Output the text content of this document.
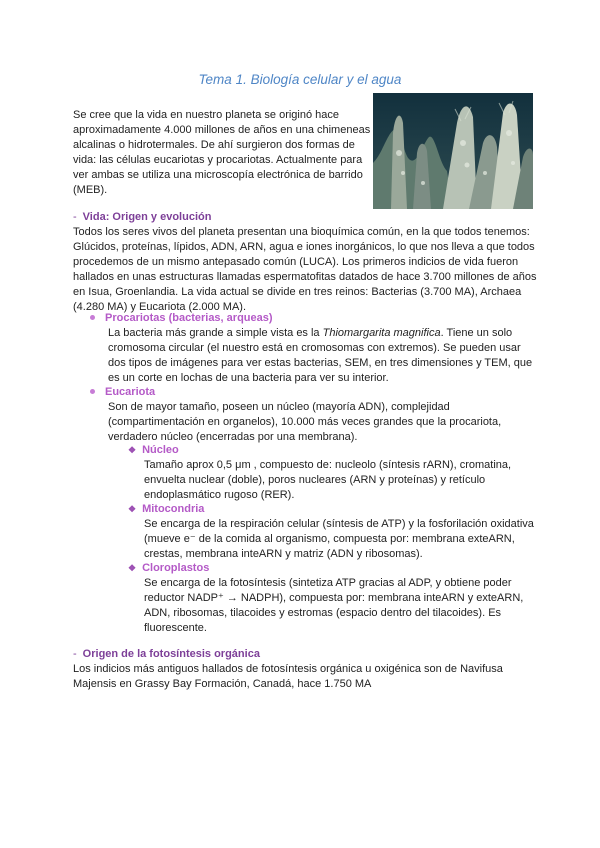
Tema 1. Biología celular y el agua

Se cree que la vida en nuestro planeta se originó hace aproximadamente 4.000 millones de años en una chimeneas alcalinas o hidrotermales. De ahí surgieron dos formas de vida: las células eucariotas y procariotas. Actualmente para ver ambas se utiliza una microscopía electrónica de barrido (MEB).

- Vida: Origen y evolución

Todos los seres vivos del planeta presentan una bioquímica común, en la que todos tenemos: Glúcidos, proteínas, lípidos, ADN, ARN, agua e iones inorgánicos, lo que nos lleva a que todos procedemos de un mismo antepasado común (LUCA). Los primeros indicios de vida fueron hallados en unas estructuras llamadas espermatofitas datados de hace 3.700 millones de años en Isua, Groenlandia. La vida actual se divide en tres reinos: Bacterias (3.700 MA), Archaea (4.280 MA) y Eucariota (2.000 MA).

Procariotas (bacterias, arqueas)

La bacteria más grande a simple vista es la Thiomargarita magnifica. Tiene un solo cromosoma circular (el nuestro está en cromosomas con extremos). Se pueden usar dos tipos de imágenes para ver estas bacterias, SEM, en tres dimensiones y TEM, que es un corte en lochas de una bacteria para ver su interior.

Eucariota

Son de mayor tamaño, poseen un núcleo (mayoría ADN), complejidad (compartimentación en organelos), 10.000 más veces grandes que la procariota, verdadero núcleo (encerradas por una membrana).

❖ Núcleo

Tamaño aprox 0,5 μm , compuesto de: nucleolo (síntesis rARN), cromatina, envuelta nuclear (doble), poros nucleares (ARN y proteínas) y retículo endoplasmático rugoso (RER).

❖ Mitocondria

Se encarga de la respiración celular (síntesis de ATP) y la fosforilación oxidativa (mueve e⁻ de la comida al organismo, compuesta por: membrana exteARN, crestas, membrana inteARN y matriz (ADN y ribosomas).

❖ Cloroplastos

Se encarga de la fotosíntesis (sintetiza ATP gracias al ADP, y obtiene poder reductor NADP⁺ → NADPH), compuesta por: membrana inteARN y exteARN, ADN, ribosomas, tilacoides y estromas (espacio dentro del tilacoides). Es fluorescente.

- Origen de la fotosíntesis orgánica

Los indicios más antiguos hallados de fotosíntesis orgánica u oxigénica son de Navifusa Majensis en Grassy Bay Formación, Canadá, hace 1.750 MA
